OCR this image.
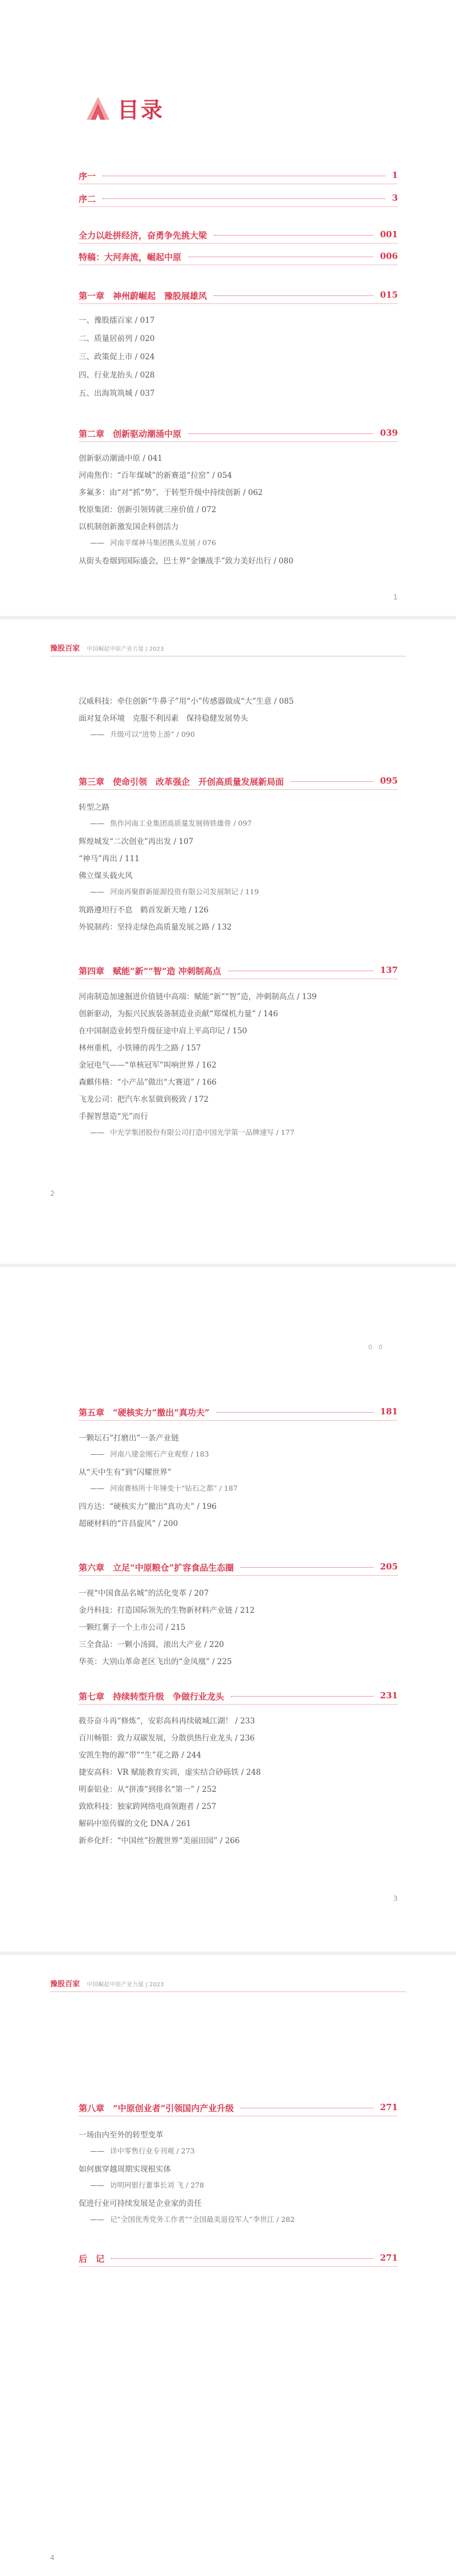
目录
1
豫股百家 中国崛起中原产业力量 | 2023
2
0　0
3
豫股百家 中国崛起中原产业力量 | 2023
4
序一	1
序二	3
全力以赴拼经济，奋勇争先挑大梁	001
特稿：大河奔流，崛起中原	006
第一章　神州蔚崛起　豫股展雄风	015
一、豫股擂百家 / 017
二、质量居前列 / 020
三、政策促上市 / 024
四、行业龙抬头 / 028
五、出海筑筑城 / 037
第二章　创新驱动潮涌中原	039
创新驱动潮涌中原 / 041
河南焦作：“百年煤城”的新赛道“拉窑” / 054
多氟多：由“对”抓“势”，于转型升级中持续创新 / 062
牧原集团：创新引领铸就三座价值 / 072
以机制创新激发国企科创活力
—— 河南平煤神马集团携头发展 / 076
从街头卷烟到国际盛会，巴士界“金镶战手”致力美好出行 / 080
汉威科技：牵住创新“牛鼻子”用“小”传感器做成“大”生意 / 085
面对复杂环境　克服不利因素　保持稳健发展势头
—— 升级可以“进势上游” / 090
第三章　使命引领　改革强企　开创高质量发展新局面	095
转型之路
—— 焦作河南工业集团高质量发展铸铁雄骨 / 097
辉煌城发“二次创业”再出发 / 107
“神马”再出 / 111
佛立煤头载火风
—— 河南再聚群新能源投资有限公司发展制记 / 119
筑路遵坦行不息　鹤首发新天地 / 126
外锐制药：坚持走绿色高质量发展之路 / 132
第四章　赋能“新”“智”造 冲刺制高点	137
河南制造加速掘进价值链中高端：赋能“新”“智”造，冲刺制高点 / 139
创新驱动，为振兴民族装备制造业贡献“郑煤机力量” / 146
在中国制造业转型升级征途中肩上平高印记 / 150
林州重机，小铁锤的再生之路 / 157
金冠电气——“单核冠军”叫响世界 / 162
森麒伟格：“小产品”做出“大赛道” / 166
飞龙公司：把汽车水泵做到极致 / 172
手握智慧造“光”而行
—— 中光学集团股份有限公司打造中国光学第一品牌速写 / 177
第五章　“硬核实力”撤出“真功夫”	181
一颗坛石“打磨出”一条产业链
—— 河南八建金刚石产业观察 / 183
从“天中生有”到“闪耀世界”
—— 河南赛核所十年锤变十“钻石之都” / 187
四方达：“硬核实力”撤出“真功夫” / 196
超硬材料的“许昌旋风” / 200
第六章　立足“中原粮仓”扩容食品生态圈	205
一视“中国食品名城”的活化变革 / 207
金丹科技：打造国际领先的生物新材料产业链 / 212
一颗红薯子一个上市公司 / 215
三全食品：一颗小汤圆，滚出大产业 / 220
华英：大别山革命老区飞出的“金凤凰” / 225
第七章　持续转型升级　争做行业龙头	231
筱芬奋斗再“修炼”，安彩高科再续破城江湖！ / 233
百川畅银：致力双碳发展，分散供热行业龙头 / 236
安凯生物的源“带”“生”花之路 / 244
捷安高科：VR 赋能教育实训，虚实结合砂砾铁 / 248
明泰铝业：从“拼凑”到排名“第一” / 252
致欧科技：独家跨网络电商领跑者 / 257
解码中原传媒的文化 DNA / 261
新乡化纤：“中国丝”扮靓世界“美丽田园” / 266
第八章　“中原创业者”引领国内产业升级	271
一场由内至外的转型变革
—— 详中零售行业专刊观 / 273
如何旗穿越周期实现根实体
—— 访明珂银行董事长刘 飞 / 278
促进行业可持续发展是企业家的责任
—— 记“全国优秀党务工作者”“全国最美退役军人”李世江 / 282
后　记	271
